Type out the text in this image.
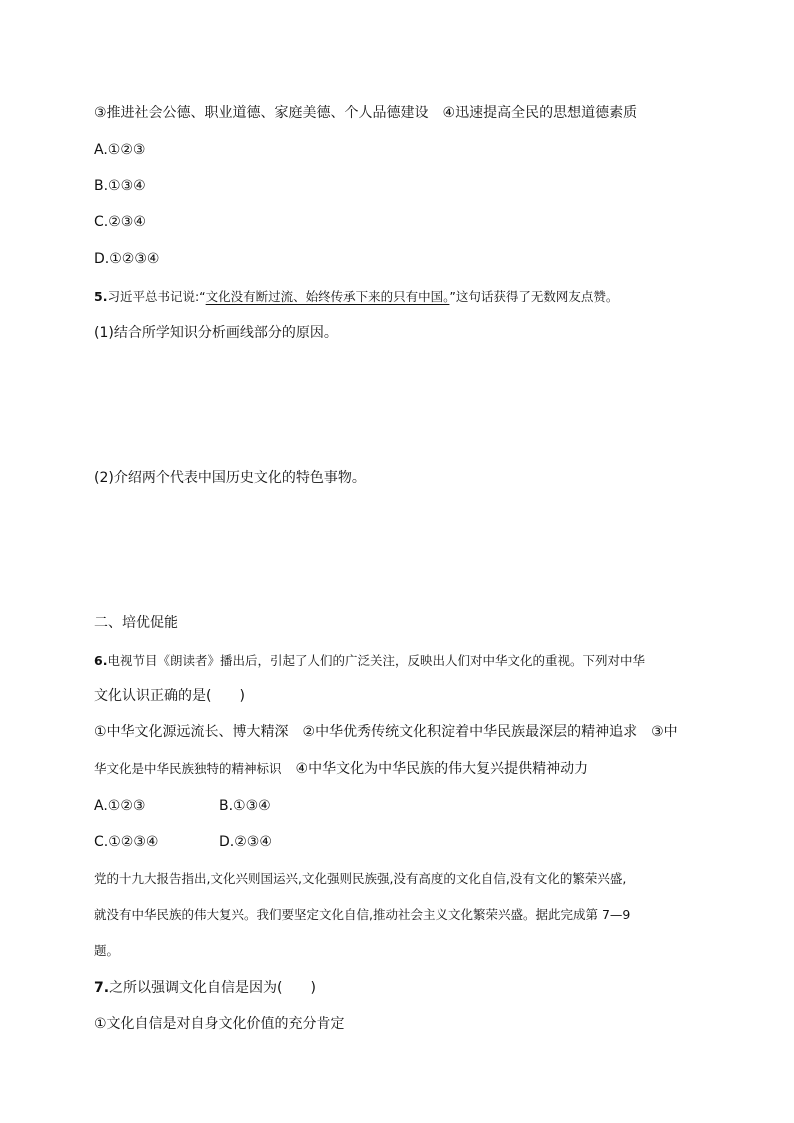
③推进社会公德、职业道德、家庭美德、个人品德建设　④迅速提高全民的思想道德素质
A.①②③
B.①③④
C.②③④
D.①②③④
5.习近平总书记说:“文化没有断过流、始终传承下来的只有中国。”这句话获得了无数网友点赞。
(1)结合所学知识分析画线部分的原因。
(2)介绍两个代表中国历史文化的特色事物。
二、培优促能
6.电视节目《朗读者》播出后，引起了人们的广泛关注，反映出人们对中华文化的重视。下列对中华
文化认识正确的是(　　)
①中华文化源远流长、博大精深　②中华优秀传统文化积淀着中华民族最深层的精神追求　③中
华文化是中华民族独特的精神标识　④中华文化为中华民族的伟大复兴提供精神动力
A.①②③	B.①③④
C.①②③④	D.②③④
党的十九大报告指出,文化兴则国运兴,文化强则民族强,没有高度的文化自信,没有文化的繁荣兴盛,
就没有中华民族的伟大复兴。我们要坚定文化自信,推动社会主义文化繁荣兴盛。据此完成第 7—9
题。
7.之所以强调文化自信是因为(　　)
①文化自信是对自身文化价值的充分肯定
